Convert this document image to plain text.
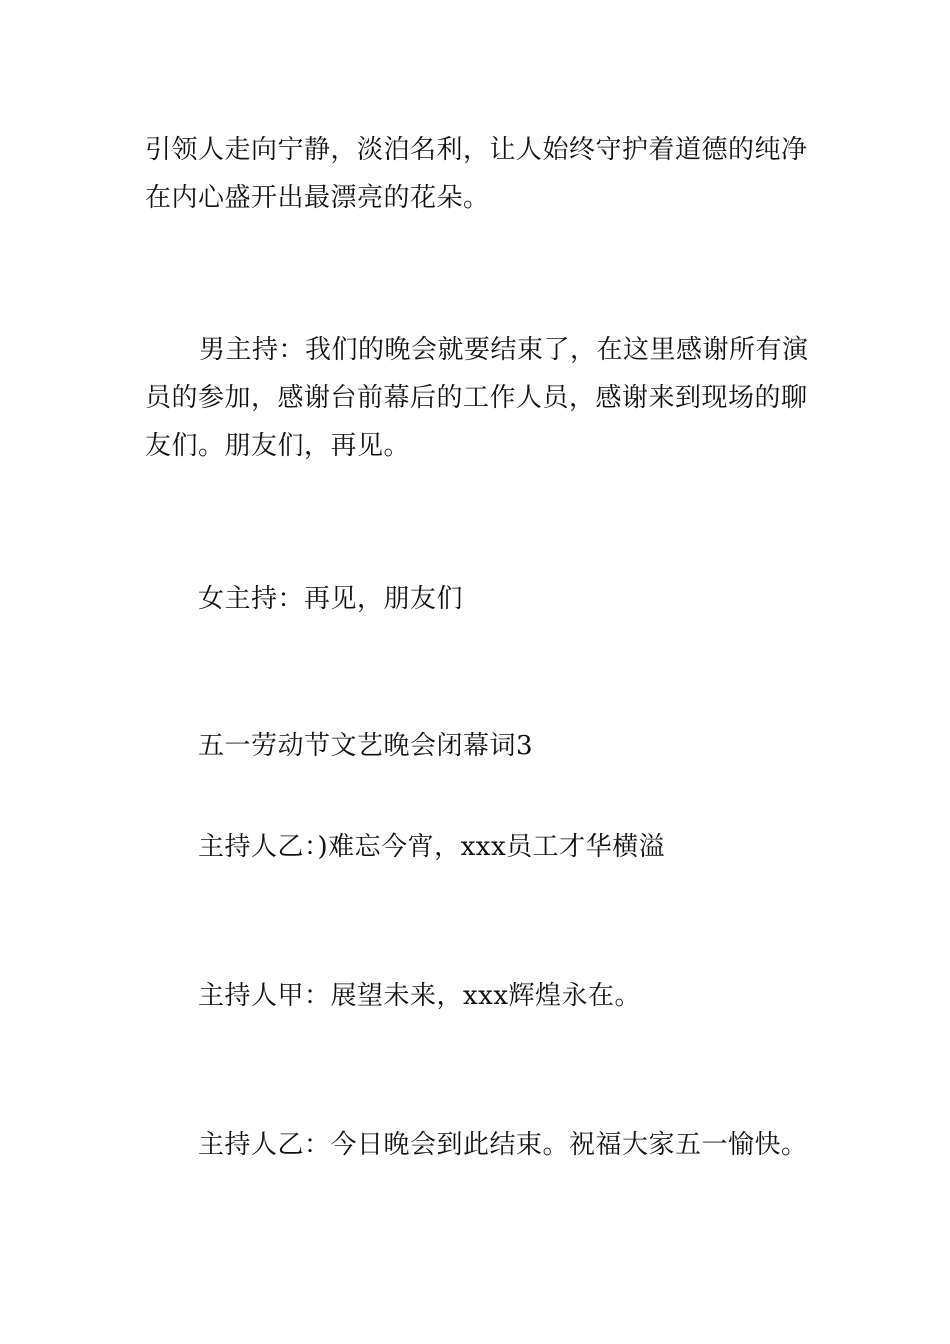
引领人走向宁静，淡泊名利，让人始终守护着道德的纯净在内心盛开出最漂亮的花朵。

男主持：我们的晚会就要结束了，在这里感谢所有演员的参加，感谢台前幕后的工作人员，感谢来到现场的聊友们。朋友们，再见。

女主持：再见，朋友们

五一劳动节文艺晚会闭幕词3

主持人乙：)难忘今宵，xxx员工才华横溢

主持人甲：展望未来，xxx辉煌永在。

主持人乙：今日晚会到此结束。祝福大家五一愉快。
